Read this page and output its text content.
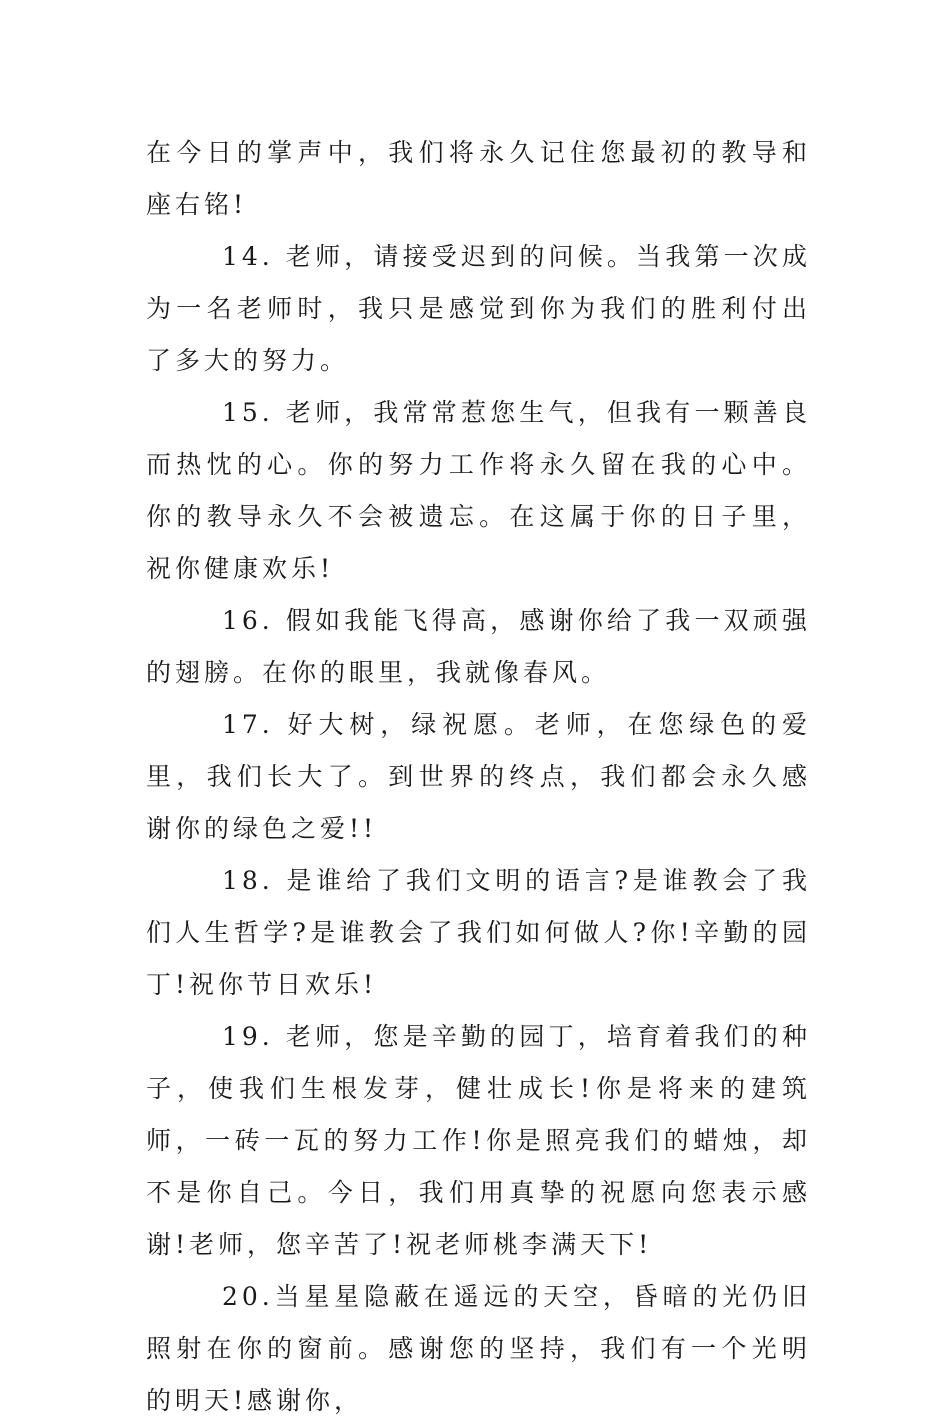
在今日的掌声中，我们将永久记住您最初的教导和座右铭!

14. 老师，请接受迟到的问候。当我第一次成为一名老师时，我只是感觉到你为我们的胜利付出了多大的努力。

15. 老师，我常常惹您生气，但我有一颗善良而热忱的心。你的努力工作将永久留在我的心中。你的教导永久不会被遗忘。在这属于你的日子里，祝你健康欢乐!

16. 假如我能飞得高，感谢你给了我一双顽强的翅膀。在你的眼里，我就像春风。

17. 好大树，绿祝愿。老师，在您绿色的爱里，我们长大了。到世界的终点，我们都会永久感谢你的绿色之爱!!

18. 是谁给了我们文明的语言?是谁教会了我们人生哲学?是谁教会了我们如何做人?你!辛勤的园丁!祝你节日欢乐!

19. 老师，您是辛勤的园丁，培育着我们的种子，使我们生根发芽，健壮成长!你是将来的建筑师，一砖一瓦的努力工作!你是照亮我们的蜡烛，却不是你自己。今日，我们用真挚的祝愿向您表示感谢!老师，您辛苦了!祝老师桃李满天下!

20.当星星隐蔽在遥远的天空，昏暗的光仍旧照射在你的窗前。感谢您的坚持，我们有一个光明的明天!感谢你，
